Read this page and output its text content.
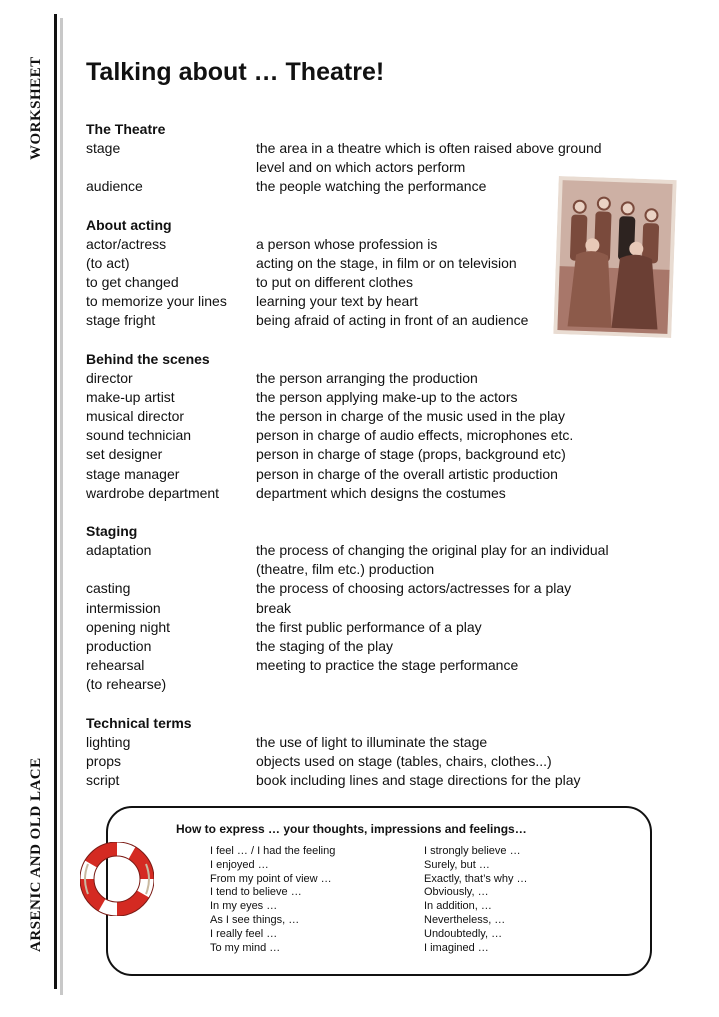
WORKSHEET
ARSENIC AND OLD LACE
Talking about … Theatre!
The Theatre
stage	the area in a theatre which is often raised above ground
level and on which actors perform
audience	the people watching the performance
About acting
actor/actress	a person whose profession is
(to act)	acting on the stage, in film or on television
to get changed	to put on different clothes
to memorize your lines	learning your text by heart
stage fright	being afraid of acting in front of an audience
Behind the scenes
director	the person arranging the production
make-up artist	the person applying make-up to the actors
musical director	the person in charge of the music used in the play
sound technician	person in charge of audio effects, microphones etc.
set designer	person in charge of stage (props, background etc)
stage manager	person in charge of the overall artistic production
wardrobe department	department which designs the costumes
Staging
adaptation	the process of changing the original play for an individual
(theatre, film etc.) production
casting	the process of choosing actors/actresses for a play
intermission	break
opening night	the first public performance of a play
production	the staging of the play
rehearsal	meeting to practice the stage performance
(to rehearse)

Technical terms
lighting	the use of light to illuminate the stage
props	objects used on stage (tables, chairs, clothes...)
script	book including lines and stage directions for the play
How to express … your thoughts, impressions and feelings…
I feel … / I had the feeling
I enjoyed …
From my point of view …
I tend to believe …
In my eyes …
As I see things, …
I really feel …
To my mind …
I strongly believe …
Surely, but …
Exactly, that’s why …
Obviously, …
In addition, …
Nevertheless, …
Undoubtedly, …
I imagined …
